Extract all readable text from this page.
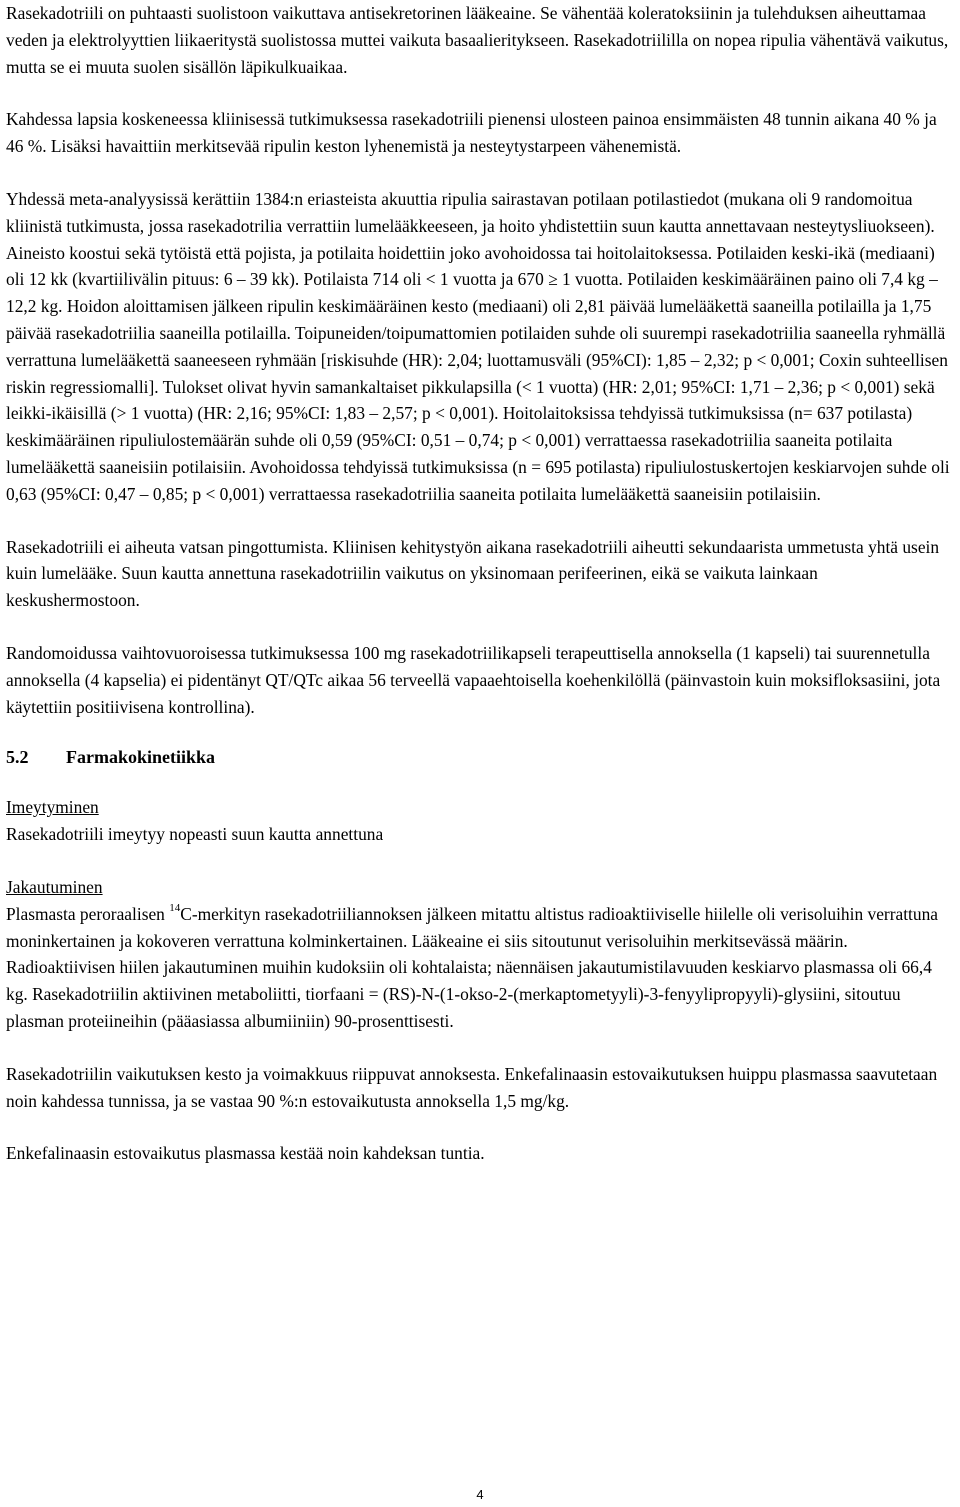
Rasekadotriili on puhtaasti suolistoon vaikuttava antisekretorinen lääkeaine. Se vähentää koleratoksiinin ja tulehduksen aiheuttamaa veden ja elektrolyyttien liikaeritystä suolistossa muttei vaikuta basaalieritykseen. Rasekadotriililla on nopea ripulia vähentävä vaikutus, mutta se ei muuta suolen sisällön läpikulkuaikaa.

Kahdessa lapsia koskeneessa kliinisessä tutkimuksessa rasekadotriili pienensi ulosteen painoa ensimmäisten 48 tunnin aikana 40 % ja 46 %. Lisäksi havaittiin merkitsevää ripulin keston lyhenemistä ja nesteytystarpeen vähenemistä.

Yhdessä meta-analyysissä kerättiin 1384:n eriasteista akuuttia ripulia sairastavan potilaan potilastiedot (mukana oli 9 randomoitua kliinistä tutkimusta, jossa rasekadotrilia verrattiin lumelääkkeeseen, ja hoito yhdistettiin suun kautta annettavaan nesteytysliuokseen). Aineisto koostui sekä tytöistä että pojista, ja potilaita hoidettiin joko avohoidossa tai hoitolaitoksessa. Potilaiden keski-ikä (mediaani) oli 12 kk (kvartiilivälin pituus: 6 – 39 kk). Potilaista 714 oli < 1 vuotta ja 670 ≥ 1 vuotta. Potilaiden keskimääräinen paino oli 7,4 kg – 12,2 kg. Hoidon aloittamisen jälkeen ripulin keskimääräinen kesto (mediaani) oli 2,81 päivää lumelääkettä saaneilla potilailla ja 1,75 päivää rasekadotriilia saaneilla potilailla. Toipuneiden/toipumattomien potilaiden suhde oli suurempi rasekadotriilia saaneella ryhmällä verrattuna lumelääkettä saaneeseen ryhmään [riskisuhde (HR): 2,04; luottamusväli (95%CI): 1,85 – 2,32; p < 0,001; Coxin suhteellisen riskin regressiomalli]. Tulokset olivat hyvin samankaltaiset pikkulapsilla (< 1 vuotta) (HR: 2,01; 95%CI: 1,71 – 2,36; p < 0,001) sekä leikki-ikäisillä (> 1 vuotta) (HR: 2,16; 95%CI: 1,83 – 2,57; p < 0,001). Hoitolaitoksissa tehdyissä tutkimuksissa (n= 637 potilasta) keskimääräinen ripuliulostemäärän suhde oli 0,59 (95%CI: 0,51 – 0,74; p < 0,001) verrattaessa rasekadotriilia saaneita potilaita lumelääkettä saaneisiin potilaisiin. Avohoidossa tehdyissä tutkimuksissa (n = 695 potilasta) ripuliulostuskertojen keskiarvojen suhde oli 0,63 (95%CI: 0,47 – 0,85; p < 0,001) verrattaessa rasekadotriilia saaneita potilaita lumelääkettä saaneisiin potilaisiin.

Rasekadotriili ei aiheuta vatsan pingottumista. Kliinisen kehitystyön aikana rasekadotriili aiheutti sekundaarista ummetusta yhtä usein kuin lumelääke. Suun kautta annettuna rasekadotriilin vaikutus on yksinomaan perifeerinen, eikä se vaikuta lainkaan keskushermostoon.

Randomoidussa vaihtovuoroisessa tutkimuksessa 100 mg rasekadotriilikapseli terapeuttisella annoksella (1 kapseli) tai suurennetulla annoksella (4 kapselia) ei pidentänyt QT/QTc aikaa 56 terveellä vapaaehtoisella koehenkilöllä (päinvastoin kuin moksifloksasiini, jota käytettiin positiivisena kontrollina).

5.2 Farmakokinetiikka

Imeytyminen
Rasekadotriili imeytyy nopeasti suun kautta annettuna

Jakautuminen
Plasmasta peroraalisen $^{14}$C-merkityn rasekadotriiliannoksen jälkeen mitattu altistus radioaktiiviselle hiilelle oli verisoluihin verrattuna moninkertainen ja kokoveren verrattuna kolminkertainen. Lääkeaine ei siis sitoutunut verisoluihin merkitsevässä määrin. Radioaktiivisen hiilen jakautuminen muihin kudoksiin oli kohtalaista; näennäisen jakautumistilavuuden keskiarvo plasmassa oli 66,4 kg. Rasekadotriilin aktiivinen metaboliitti, tiorfaani = (RS)-N-(1-okso-2-(merkaptometyyli)-3-fenyylipropyyli)-glysiini, sitoutuu plasman proteiineihin (pääasiassa albumiiniin) 90-prosenttisesti.

Rasekadotriilin vaikutuksen kesto ja voimakkuus riippuvat annoksesta. Enkefalinaasin estovaikutuksen huippu plasmassa saavutetaan noin kahdessa tunnissa, ja se vastaa 90 %:n estovaikutusta annoksella 1,5 mg/kg.

Enkefalinaasin estovaikutus plasmassa kestää noin kahdeksan tuntia.

4
